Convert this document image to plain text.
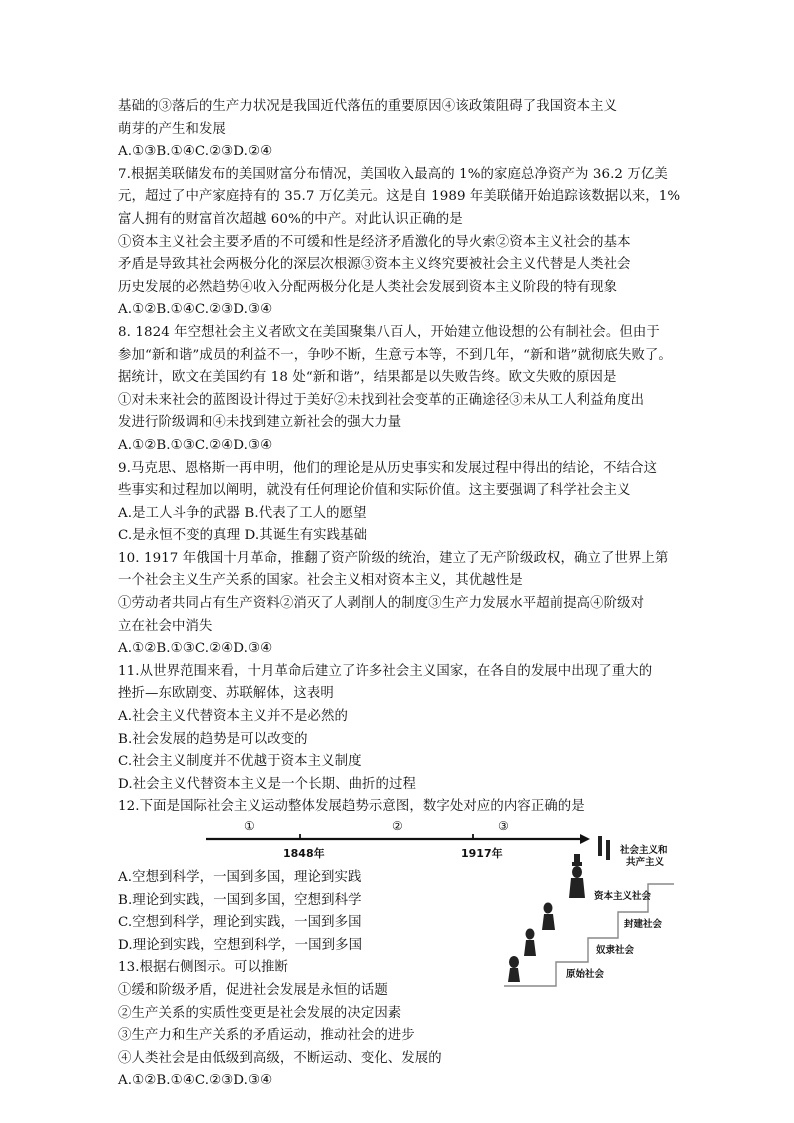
基础的③落后的生产力状况是我国近代落伍的重要原因④该政策阻碍了我国资本主义
萌芽的产生和发展
A.①③B.①④C.②③D.②④
7.根据美联储发布的美国财富分布情况，美国收入最高的 1%的家庭总净资产为 36.2 万亿美
元，超过了中产家庭持有的 35.7 万亿美元。这是自 1989 年美联储开始追踪该数据以来，1%
富人拥有的财富首次超越 60%的中产。对此认识正确的是
①资本主义社会主要矛盾的不可缓和性是经济矛盾激化的导火索②资本主义社会的基本
矛盾是导致其社会两极分化的深层次根源③资本主义终究要被社会主义代替是人类社会
历史发展的必然趋势④收入分配两极分化是人类社会发展到资本主义阶段的特有现象
A.①②B.①④C.②③D.③④
8. 1824 年空想社会主义者欧文在美国聚集八百人，开始建立他设想的公有制社会。但由于
参加“新和谐”成员的利益不一，争吵不断，生意亏本等，不到几年，“新和谐”就彻底失败了。
据统计，欧文在美国约有 18 处“新和谐”，结果都是以失败告终。欧文失败的原因是
①对未来社会的蓝图设计得过于美好②未找到社会变革的正确途径③未从工人利益角度出
发进行阶级调和④未找到建立新社会的强大力量
A.①②B.①③C.②④D.③④
9.马克思、恩格斯一再申明，他们的理论是从历史事实和发展过程中得出的结论，不结合这
些事实和过程加以阐明，就没有任何理论价值和实际价值。这主要强调了科学社会主义
A.是工人斗争的武器 B.代表了工人的愿望
C.是永恒不变的真理 D.其诞生有实践基础
10. 1917 年俄国十月革命，推翻了资产阶级的统治，建立了无产阶级政权，确立了世界上第
一个社会主义生产关系的国家。社会主义相对资本主义，其优越性是
①劳动者共同占有生产资料②消灭了人剥削人的制度③生产力发展水平超前提高④阶级对
立在社会中消失
A.①②B.①③C.②④D.③④
11.从世界范围来看，十月革命后建立了许多社会主义国家，在各自的发展中出现了重大的
挫折—东欧剧变、苏联解体，这表明
A.社会主义代替资本主义并不是必然的
B.社会发展的趋势是可以改变的
C.社会主义制度并不优越于资本主义制度
D.社会主义代替资本主义是一个长期、曲折的过程
12.下面是国际社会主义运动整体发展趋势示意图，数字处对应的内容正确的是
①	②	③
1848年	1917年
A.空想到科学，一国到多国，理论到实践
B.理论到实践，一国到多国，空想到科学
C.空想到科学，理论到实践，一国到多国
D.理论到实践，空想到科学，一国到多国
13.根据右侧图示。可以推断
①缓和阶级矛盾，促进社会发展是永恒的话题
②生产关系的实质性变更是社会发展的决定因素
③生产力和生产关系的矛盾运动，推动社会的进步
④人类社会是由低级到高级，不断运动、变化、发展的
A.①②B.①④C.②③D.③④
原始社会
奴隶社会
封建社会
资本主义社会
社会主义和
共产主义
